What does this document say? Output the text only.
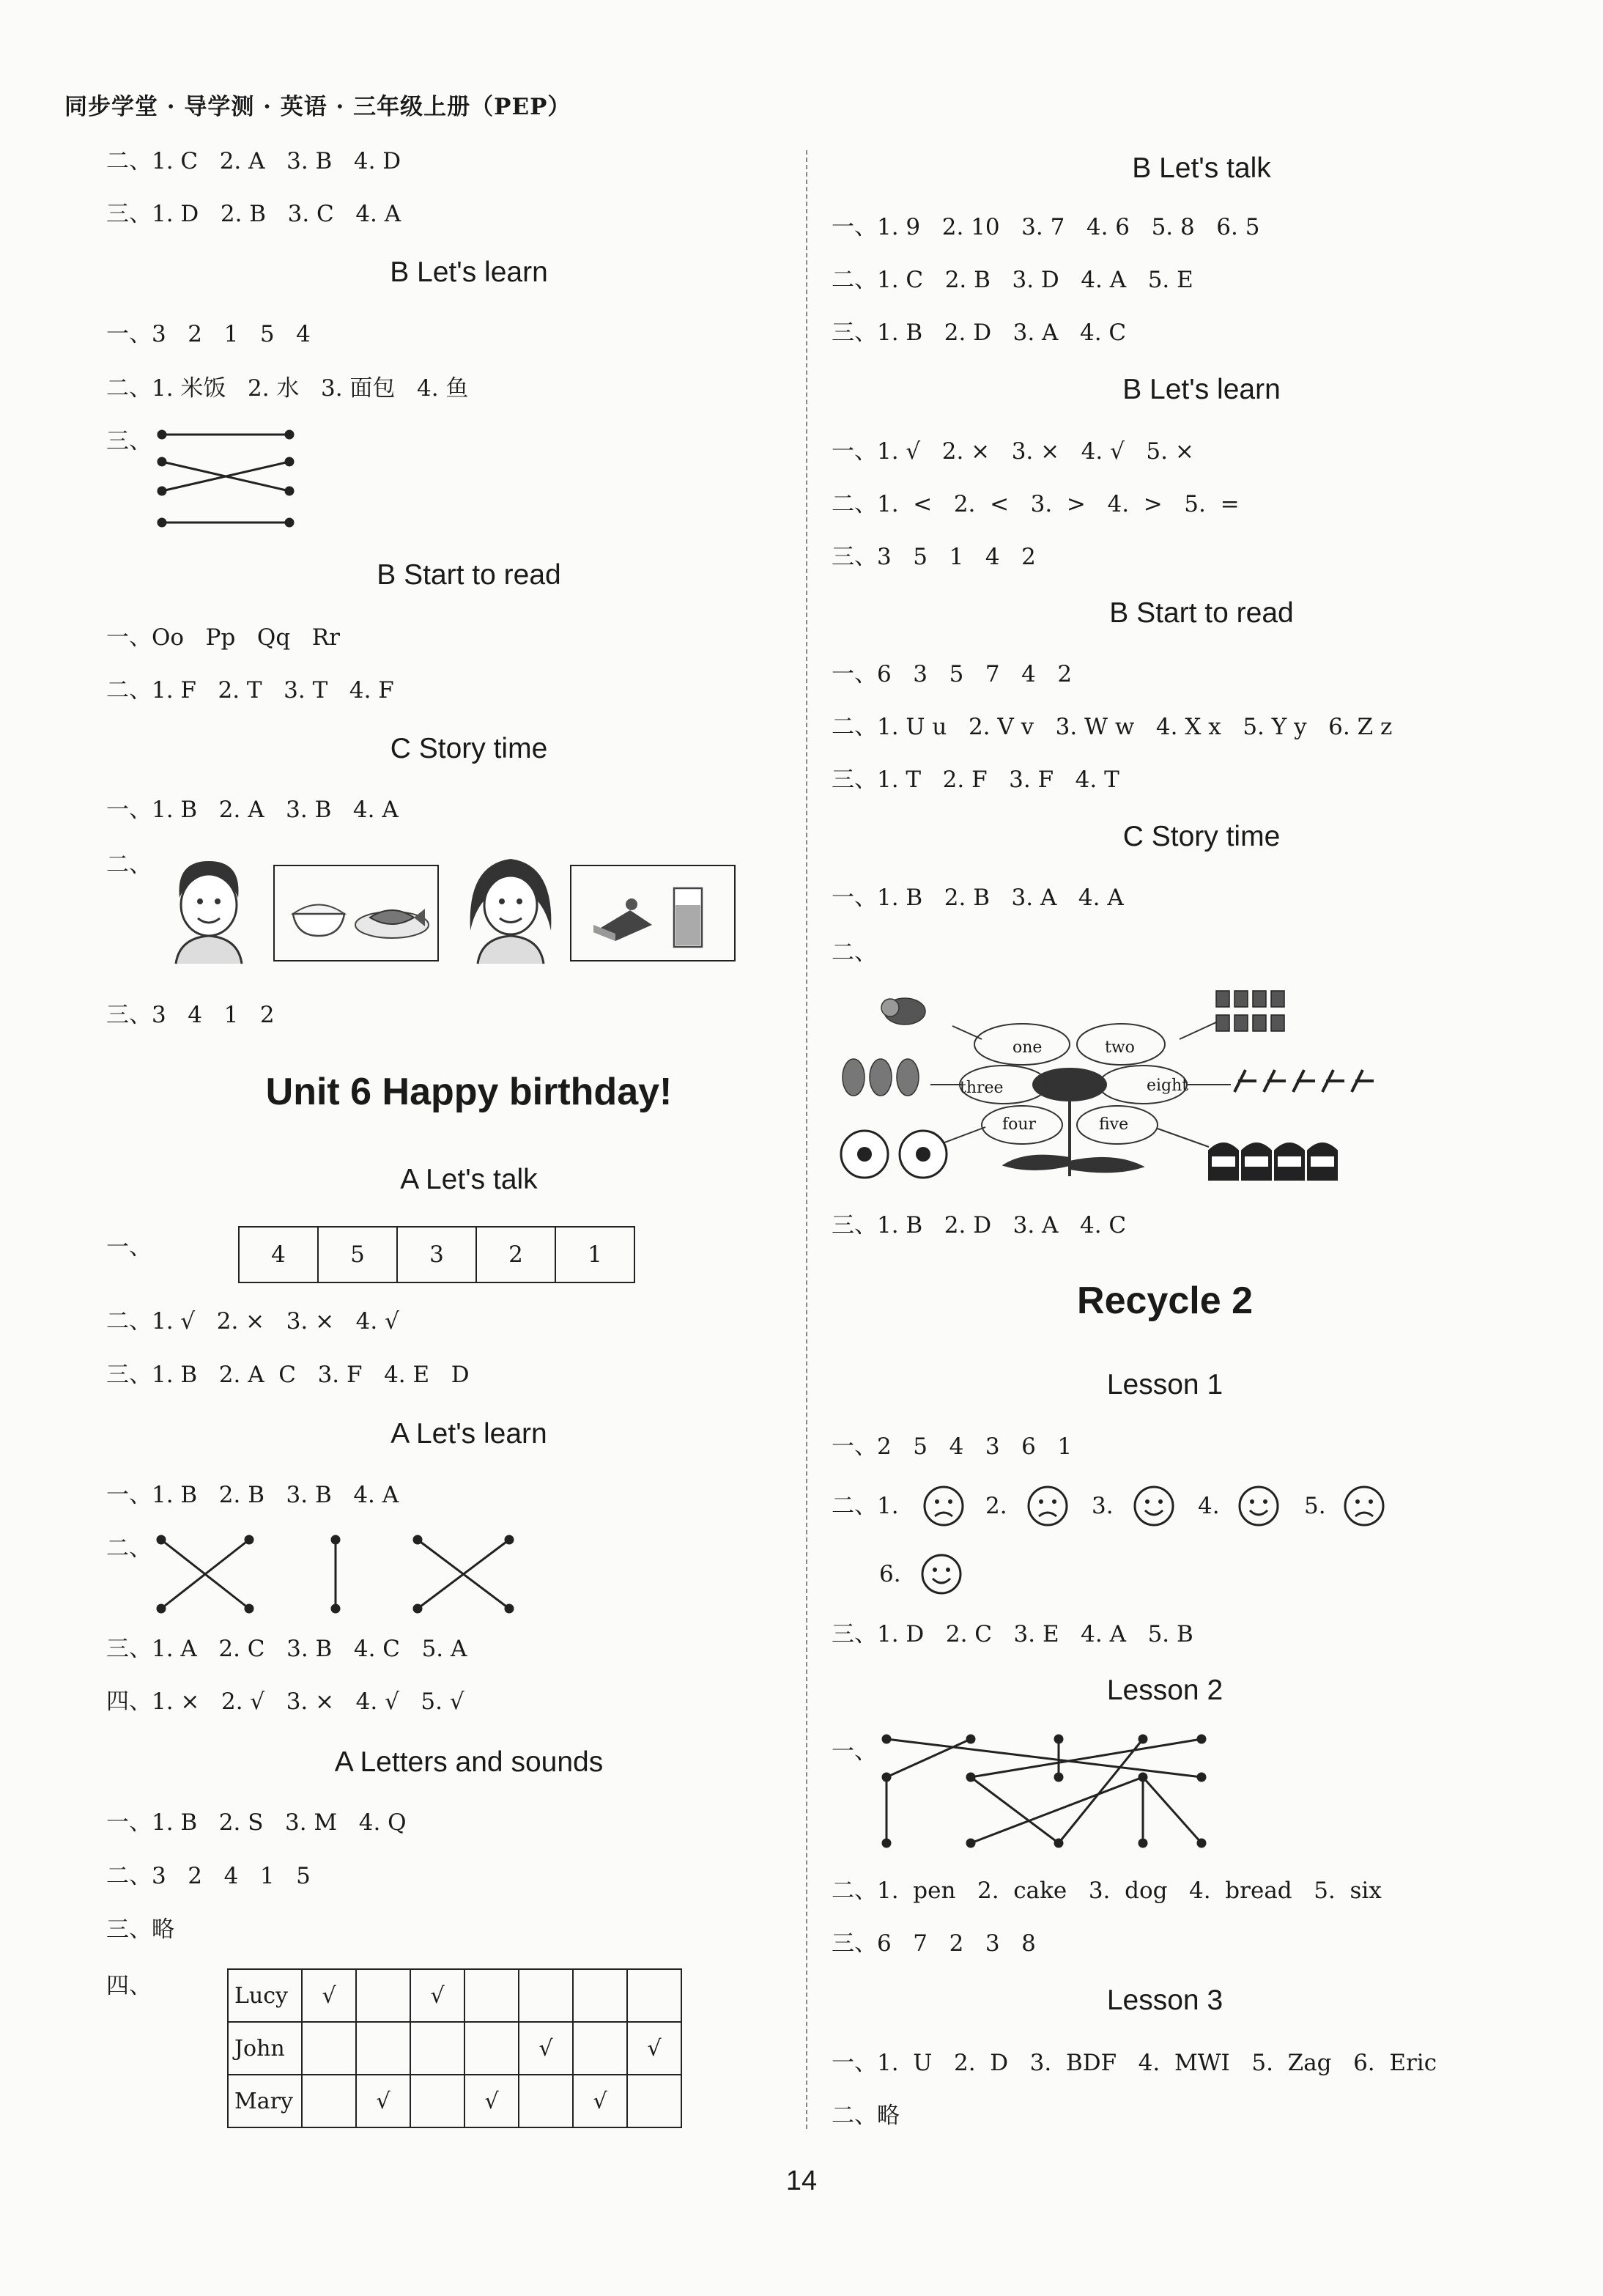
同步学堂 · 导学测 · 英语 · 三年级上册（PEP）
二、1. C   2. A   3. B   4. D
三、1. D   2. B   3. C   4. A
B Let's learn
一、3   2   1   5   4
二、1. 米饭   2. 水   3. 面包   4. 鱼
三、
B Start to read
一、Oo   Pp   Qq   Rr
二、1. F   2. T   3. T   4. F
C Story time
一、1. B   2. A   3. B   4. A
二、
三、3   4   1   2
Unit 6 Happy birthday!
A Let's talk
一、	4	5	3	2	1
二、1. √   2. ×   3. ×   4. √
三、1. B   2. A  C   3. F   4. E   D
A Let's learn
一、1. B   2. B   3. B   4. A
二、
三、1. A   2. C   3. B   4. C   5. A
四、1. ×   2. √   3. ×   4. √   5. √
A Letters and sounds
一、1. B   2. S   3. M   4. Q
二、3   2   4   1   5
三、略
四、	Lucy	√		√				
John					√		√
Mary		√		√		√	
B Let's talk
一、1. 9   2. 10   3. 7   4. 6   5. 8   6. 5
二、1. C   2. B   3. D   4. A   5. E
三、1. B   2. D   3. A   4. C
B Let's learn
一、1. √   2. ×   3. ×   4. √   5. ×
二、1.  <   2.  <   3.  >   4.  >   5.  =
三、3   5   1   4   2
B Start to read
一、6   3   5   7   4   2
二、1. U u   2. V v   3. W w   4. X x   5. Y y   6. Z z
三、1. T   2. F   3. F   4. T
C Story time
一、1. B   2. B   3. A   4. A
二、
one	two
three	eight
four	five
三、1. B   2. D   3. A   4. C
Recycle 2
Lesson 1
一、2   5   4   3   6   1
二、1.	2.	3.	4.	5.
6.
三、1. D   2. C   3. E   4. A   5. B
Lesson 2
一、
二、1.  pen   2.  cake   3.  dog   4.  bread   5.  six
三、6   7   2   3   8
Lesson 3
一、1.  U   2.  D   3.  BDF   4.  MWI   5.  Zag   6.  Eric
二、略
14
